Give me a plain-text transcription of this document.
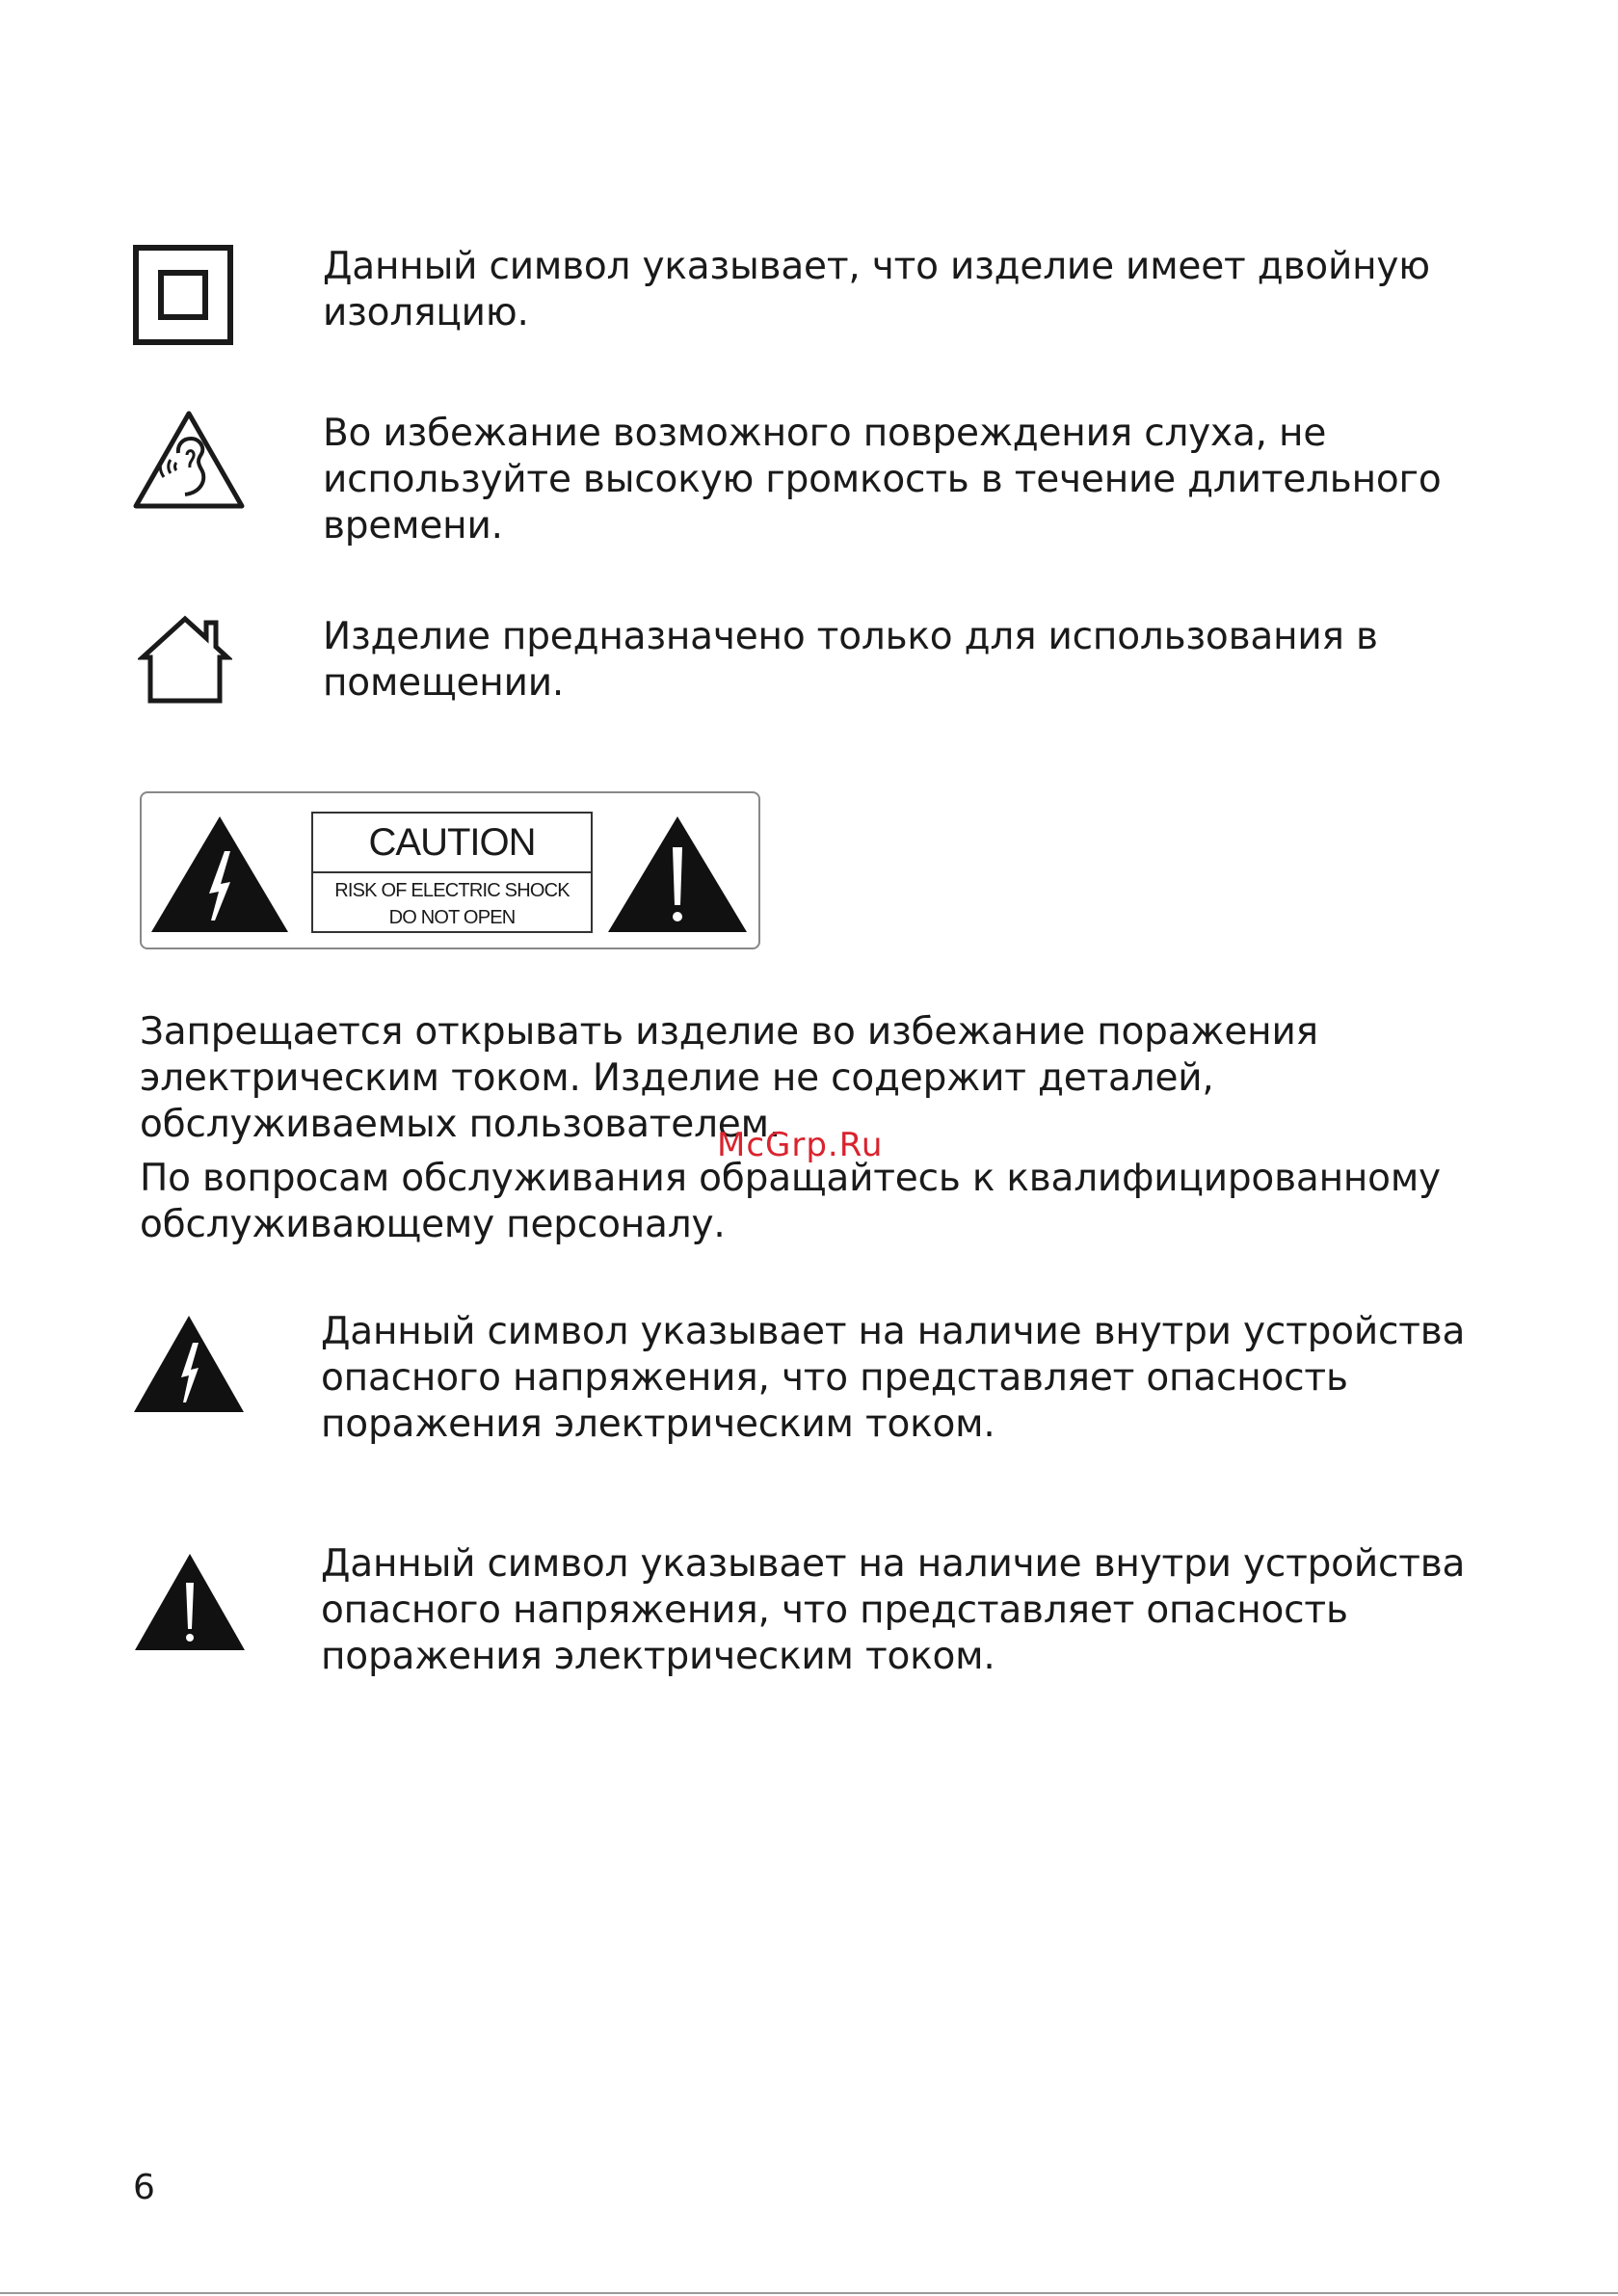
Данный символ указывает, что изделие имеет двойную изоляцию.

Во избежание возможного повреждения слуха, не используйте высокую громкость в течение длительного времени.

Изделие предназначено только для использования в помещении.

CAUTION
RISK OF ELECTRIC SHOCK
DO NOT OPEN

Запрещается открывать изделие во избежание поражения электрическим током. Изделие не содержит деталей, обслуживаемых пользователем.

По вопросам обслуживания обращайтесь к квалифицированному обслуживающему персоналу.

McGrp.Ru

Данный символ указывает на наличие внутри устройства опасного напряжения, что представляет опасность поражения электрическим током.

Данный символ указывает на наличие внутри устройства опасного напряжения, что представляет опасность поражения электрическим током.

6
